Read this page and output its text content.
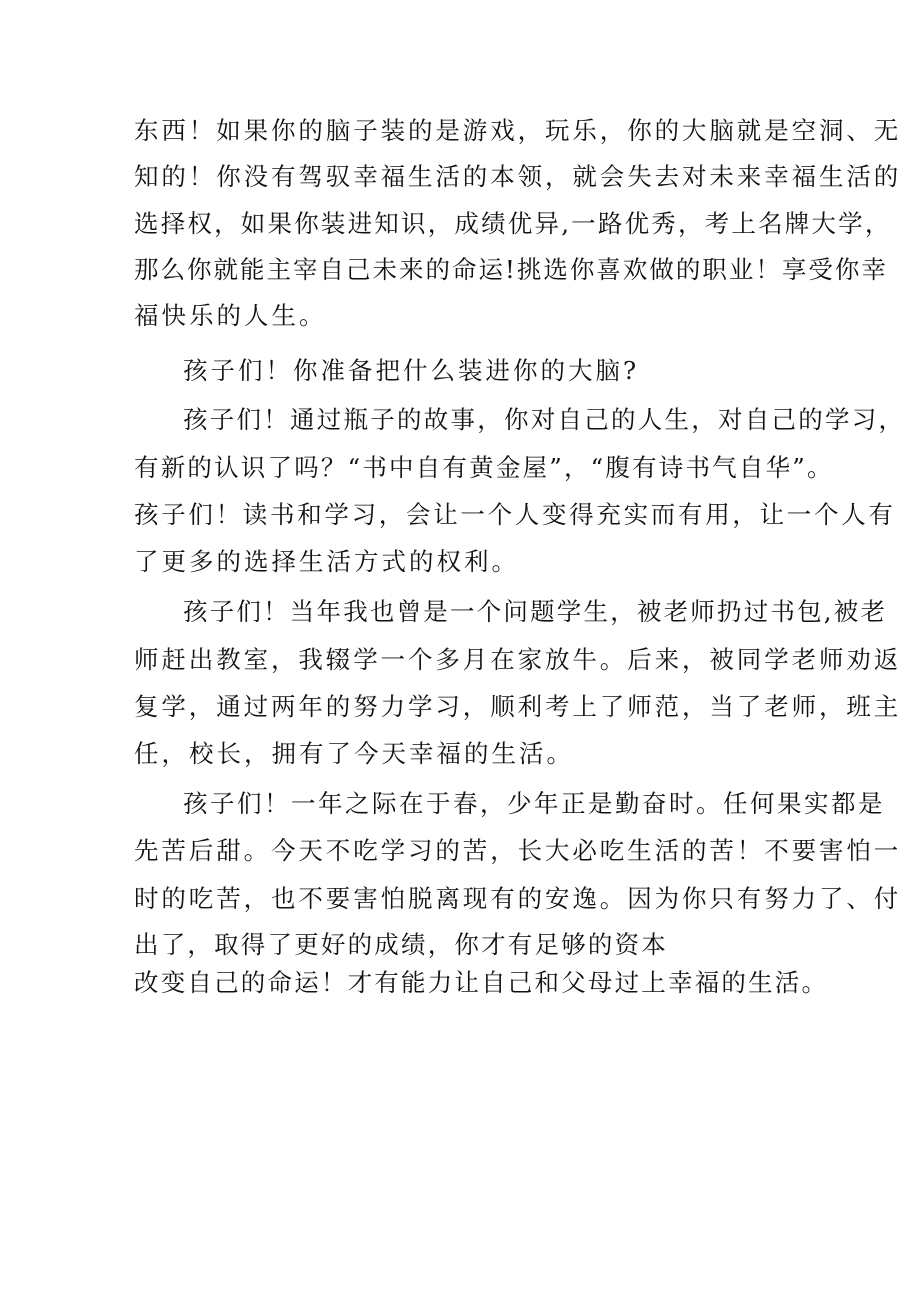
东西！如果你的脑子装的是游戏，玩乐，你的大脑就是空洞、无
知的！你没有驾驭幸福生活的本领，就会失去对未来幸福生活的
选择权，如果你装进知识，成绩优异,一路优秀，考上名牌大学，
那么你就能主宰自己未来的命运!挑选你喜欢做的职业！享受你幸
福快乐的人生。
孩子们！你准备把什么装进你的大脑?
孩子们！通过瓶子的故事，你对自己的人生，对自己的学习，
有新的认识了吗？“书中自有黄金屋”，“腹有诗书气自华”。
孩子们！读书和学习，会让一个人变得充实而有用，让一个人有
了更多的选择生活方式的权利。
孩子们！当年我也曾是一个问题学生，被老师扔过书包,被老
师赶出教室，我辍学一个多月在家放牛。后来，被同学老师劝返
复学，通过两年的努力学习，顺利考上了师范，当了老师，班主
任，校长，拥有了今天幸福的生活。
孩子们！一年之际在于春，少年正是勤奋时。任何果实都是
先苦后甜。今天不吃学习的苦，长大必吃生活的苦！不要害怕一
时的吃苦，也不要害怕脱离现有的安逸。因为你只有努力了、付
出了，取得了更好的成绩，你才有足够的资本
改变自己的命运！才有能力让自己和父母过上幸福的生活。
